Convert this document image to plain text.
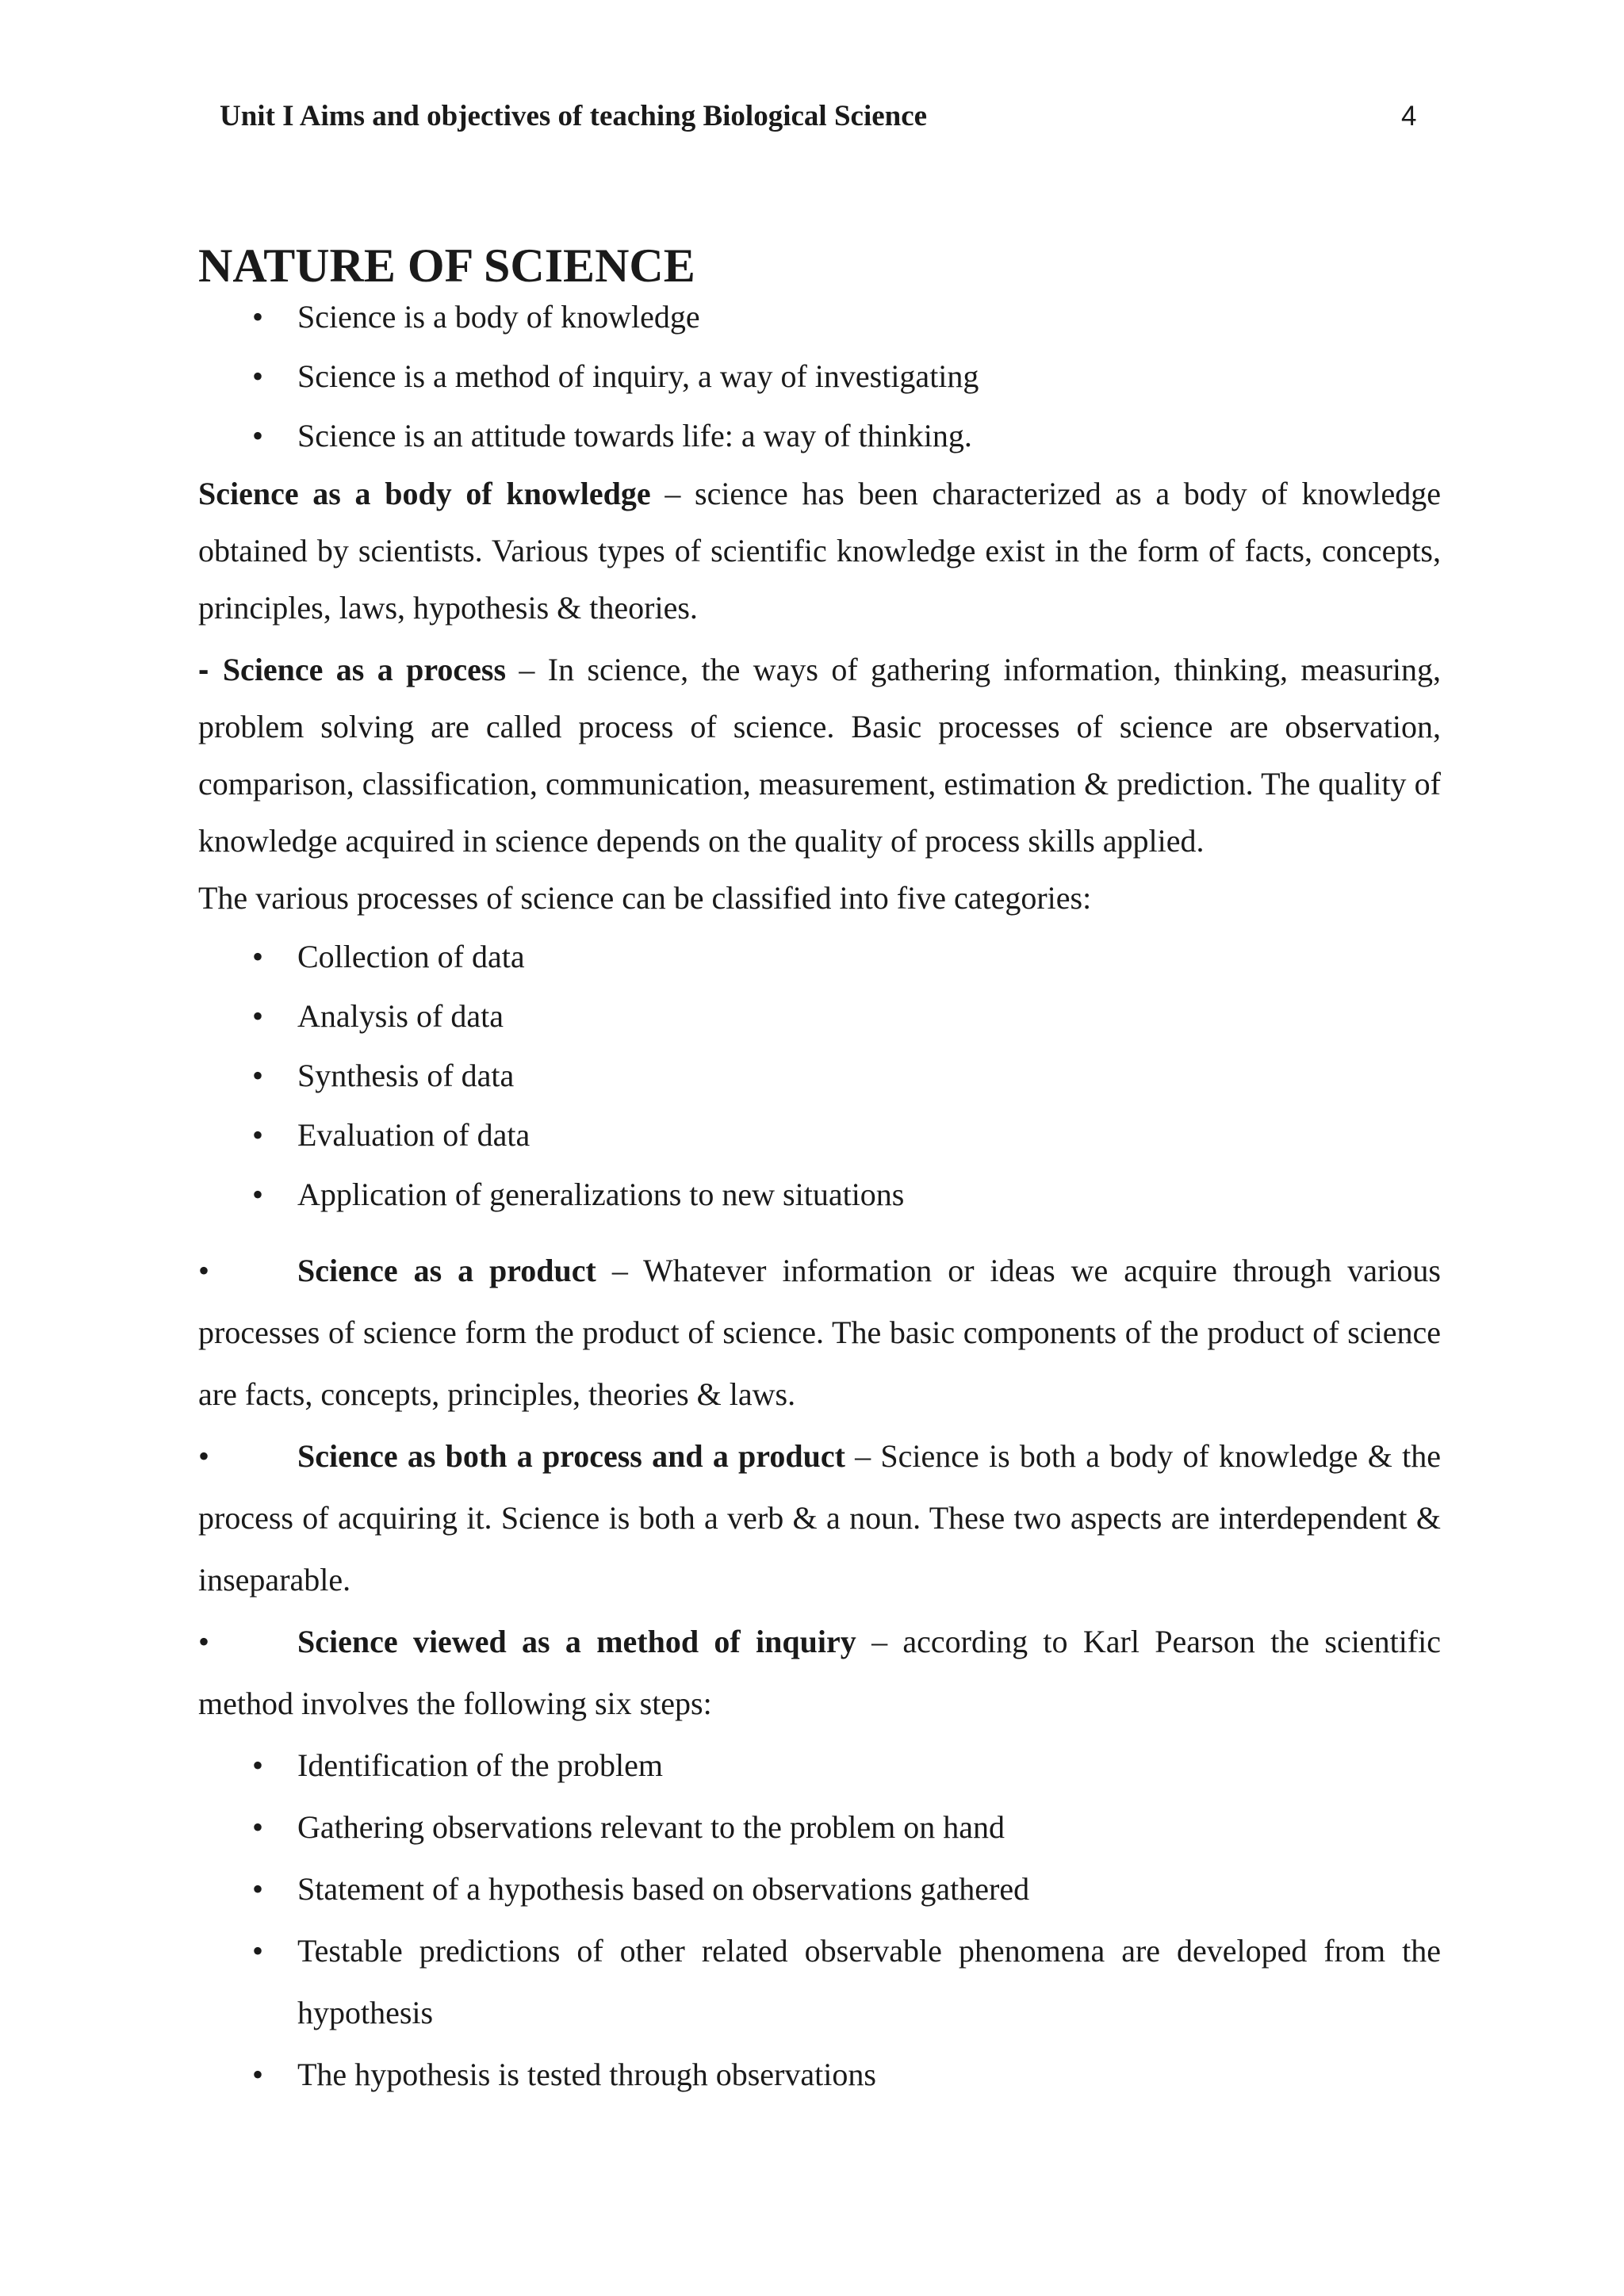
Unit I Aims and objectives of teaching Biological Science	4
NATURE OF SCIENCE
• Science is a body of knowledge
• Science is a method of inquiry, a way of investigating
• Science is an attitude towards life: a way of thinking.

Science as a body of knowledge – science has been characterized as a body of knowledge obtained by scientists. Various types of scientific knowledge exist in the form of facts, concepts, principles, laws, hypothesis & theories.

- Science as a process – In science, the ways of gathering information, thinking, measuring, problem solving are called process of science. Basic processes of science are observation, comparison, classification, communication, measurement, estimation & prediction. The quality of knowledge acquired in science depends on the quality of process skills applied.

The various processes of science can be classified into five categories:

• Collection of data
• Analysis of data
• Synthesis of data
• Evaluation of data
• Application of generalizations to new situations

•	Science as a product – Whatever information or ideas we acquire through various processes of science form the product of science. The basic components of the product of science are facts, concepts, principles, theories & laws.

•	Science as both a process and a product – Science is both a body of knowledge & the process of acquiring it. Science is both a verb & a noun. These two aspects are interdependent & inseparable.

•	Science viewed as a method of inquiry – according to Karl Pearson the scientific method involves the following six steps:

• Identification of the problem
• Gathering observations relevant to the problem on hand
• Statement of a hypothesis based on observations gathered
• Testable predictions of other related observable phenomena are developed from the hypothesis
• The hypothesis is tested through observations
